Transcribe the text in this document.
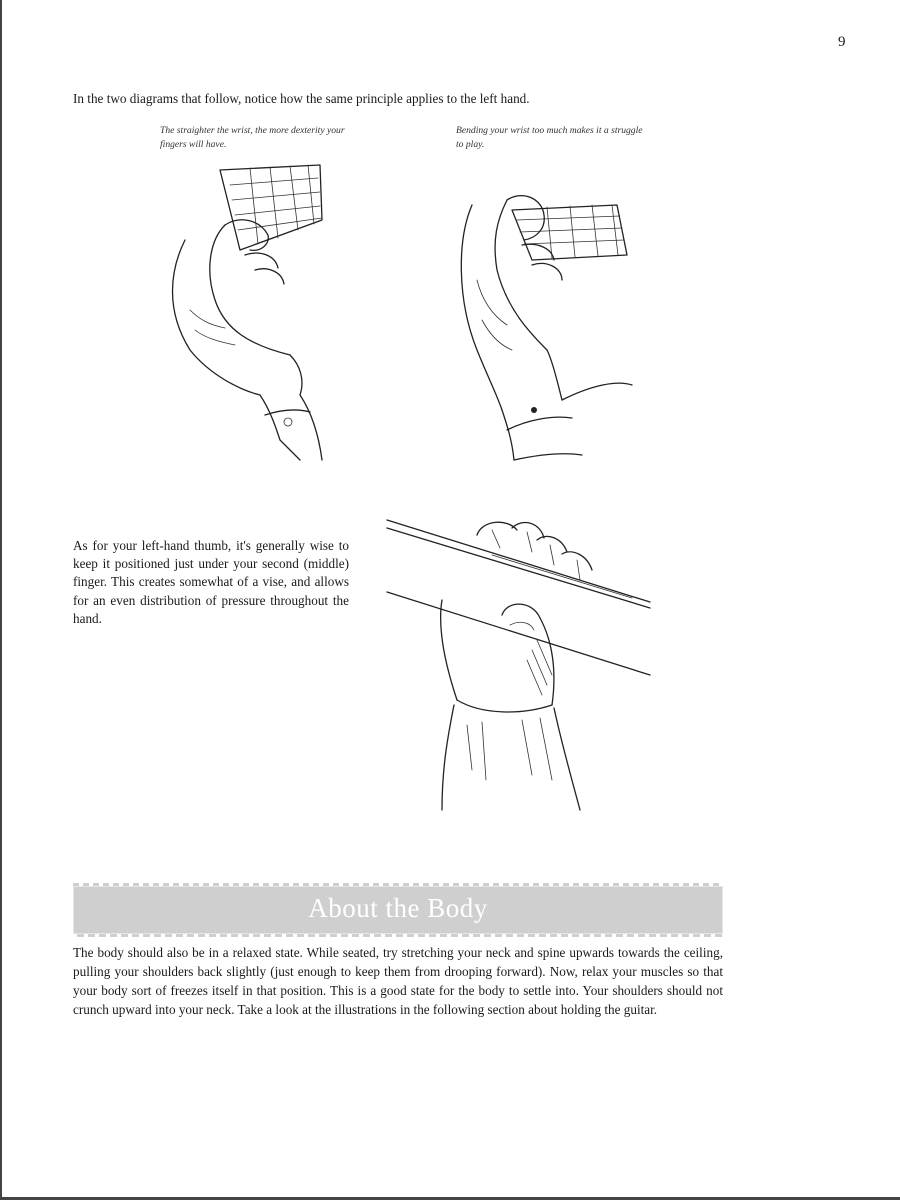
9

In the two diagrams that follow, notice how the same principle applies to the left hand.

The straighter the wrist, the more dexterity your fingers will have.
Bending your wrist too much makes it a struggle to play.

As for your left-hand thumb, it's generally wise to keep it positioned just under your second (middle) finger. This creates somewhat of a vise, and allows for an even distribution of pressure throughout the hand.

About the Body

The body should also be in a relaxed state. While seated, try stretching your neck and spine upwards towards the ceiling, pulling your shoulders back slightly (just enough to keep them from drooping forward). Now, relax your muscles so that your body sort of freezes itself in that position. This is a good state for the body to settle into. Your shoulders should not crunch upward into your neck. Take a look at the illustrations in the following section about holding the guitar.
